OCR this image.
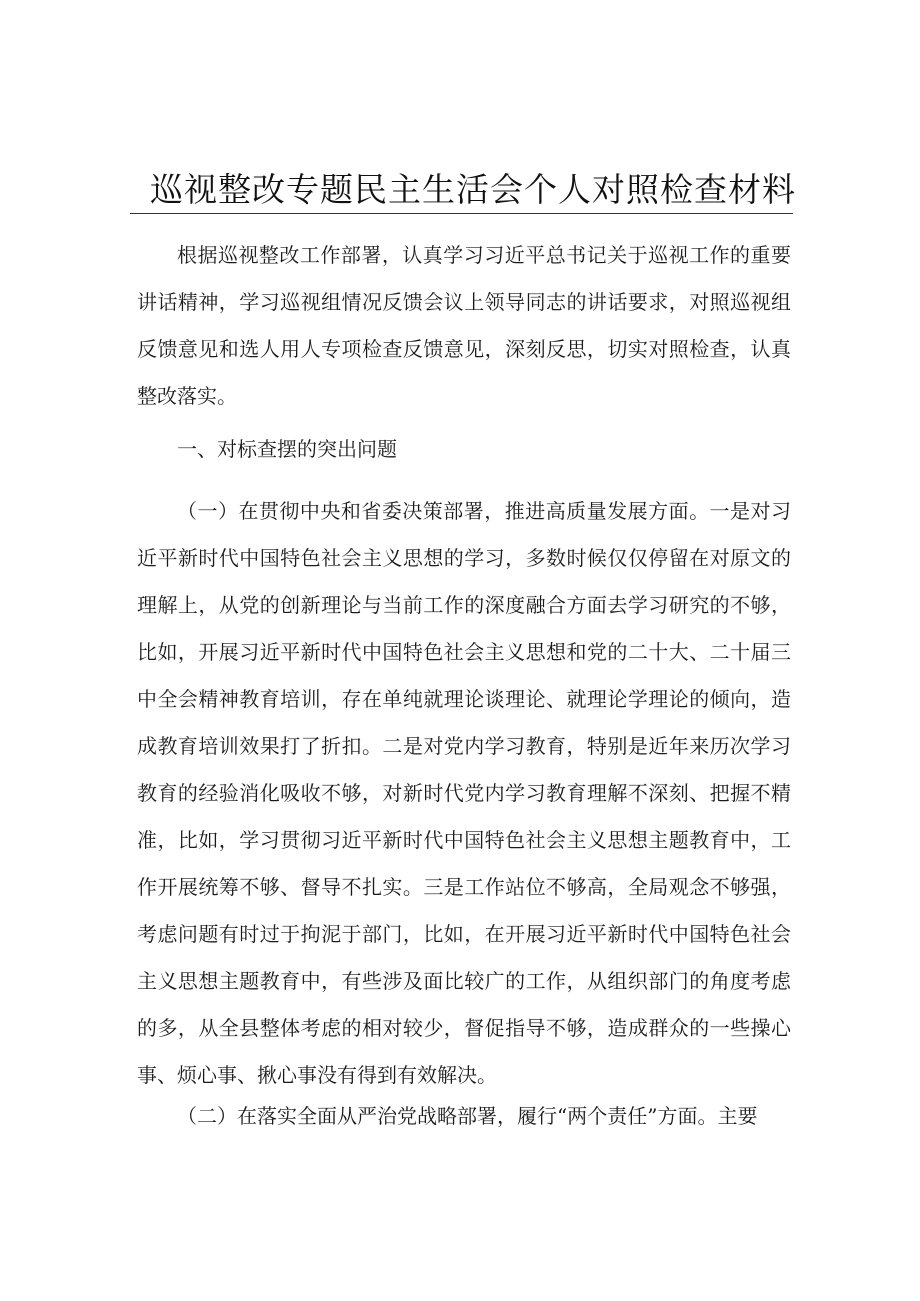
巡视整改专题民主生活会个人对照检查材料

根据巡视整改工作部署，认真学习习近平总书记关于巡视工作的重要讲话精神，学习巡视组情况反馈会议上领导同志的讲话要求，对照巡视组反馈意见和选人用人专项检查反馈意见，深刻反思，切实对照检查，认真整改落实。

一、对标查摆的突出问题

（一）在贯彻中央和省委决策部署，推进高质量发展方面。一是对习近平新时代中国特色社会主义思想的学习，多数时候仅仅停留在对原文的理解上，从党的创新理论与当前工作的深度融合方面去学习研究的不够，比如，开展习近平新时代中国特色社会主义思想和党的二十大、二十届三中全会精神教育培训，存在单纯就理论谈理论、就理论学理论的倾向，造成教育培训效果打了折扣。二是对党内学习教育，特别是近年来历次学习教育的经验消化吸收不够，对新时代党内学习教育理解不深刻、把握不精准，比如，学习贯彻习近平新时代中国特色社会主义思想主题教育中，工作开展统筹不够、督导不扎实。三是工作站位不够高，全局观念不够强，考虑问题有时过于拘泥于部门，比如，在开展习近平新时代中国特色社会主义思想主题教育中，有些涉及面比较广的工作，从组织部门的角度考虑的多，从全县整体考虑的相对较少，督促指导不够，造成群众的一些操心事、烦心事、揪心事没有得到有效解决。

（二）在落实全面从严治党战略部署，履行“两个责任”方面。主要
